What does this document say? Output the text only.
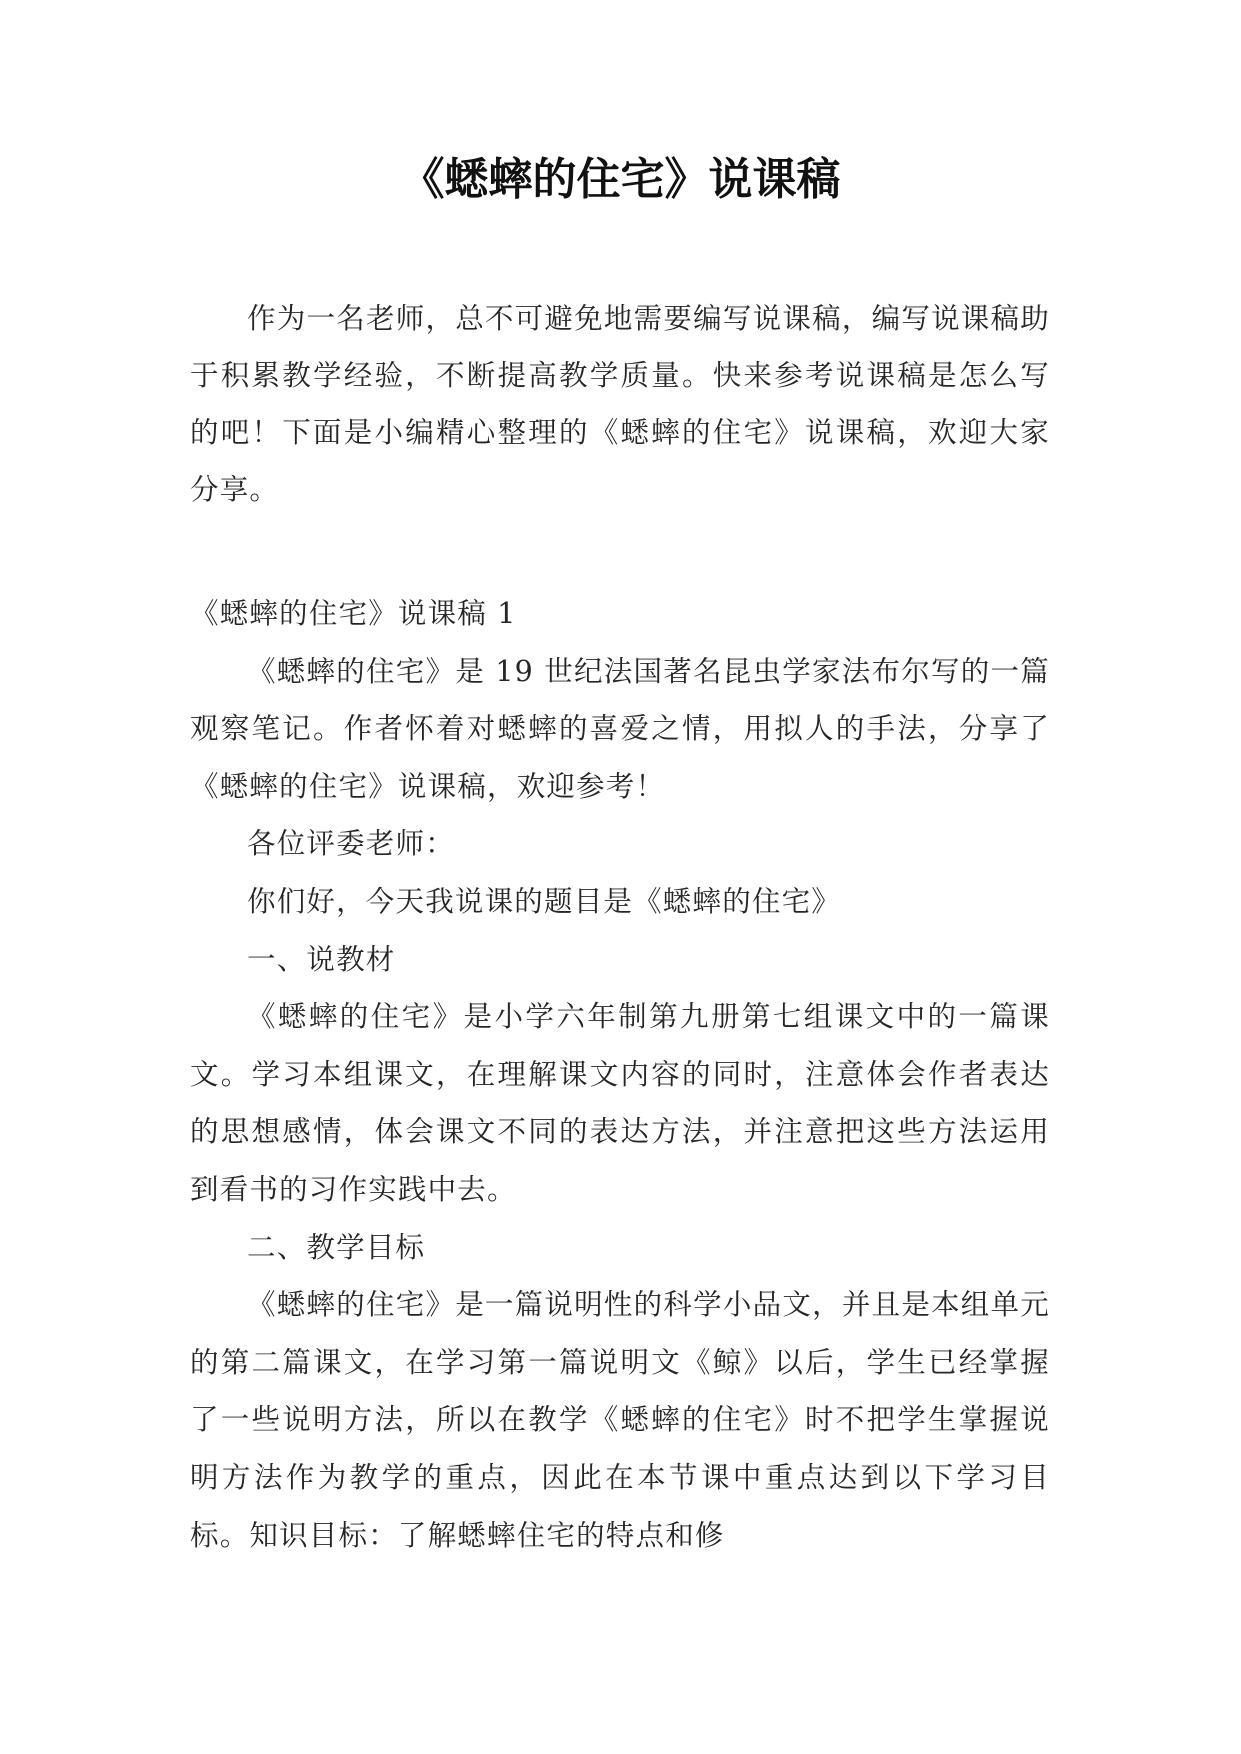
《蟋蟀的住宅》说课稿

作为一名老师，总不可避免地需要编写说课稿，编写说课稿助于积累教学经验，不断提高教学质量。快来参考说课稿是怎么写的吧！下面是小编精心整理的《蟋蟀的住宅》说课稿，欢迎大家分享。

《蟋蟀的住宅》说课稿 1

《蟋蟀的住宅》是 19 世纪法国著名昆虫学家法布尔写的一篇观察笔记。作者怀着对蟋蟀的喜爱之情，用拟人的手法，分享了《蟋蟀的住宅》说课稿，欢迎参考！

各位评委老师：

你们好，今天我说课的题目是《蟋蟀的住宅》

一、说教材

《蟋蟀的住宅》是小学六年制第九册第七组课文中的一篇课文。学习本组课文，在理解课文内容的同时，注意体会作者表达的思想感情，体会课文不同的表达方法，并注意把这些方法运用到看书的习作实践中去。

二、教学目标

《蟋蟀的住宅》是一篇说明性的科学小品文，并且是本组单元的第二篇课文，在学习第一篇说明文《鲸》以后，学生已经掌握了一些说明方法，所以在教学《蟋蟀的住宅》时不把学生掌握说明方法作为教学的重点，因此在本节课中重点达到以下学习目标。知识目标：了解蟋蟀住宅的特点和修
